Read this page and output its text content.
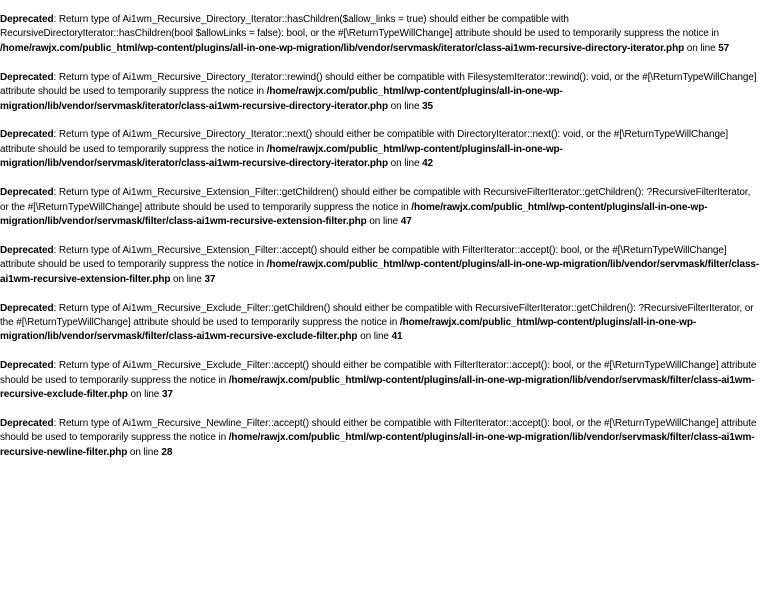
Deprecated: Return type of Ai1wm_Recursive_Directory_Iterator::hasChildren($allow_links = true) should either be compatible with RecursiveDirectoryIterator::hasChildren(bool $allowLinks = false): bool, or the #[\ReturnTypeWillChange] attribute should be used to temporarily suppress the notice in /home/rawjx.com/public_html/wp-content/plugins/all-in-one-wp-migration/lib/vendor/servmask/iterator/class-ai1wm-recursive-directory-iterator.php on line 57

Deprecated: Return type of Ai1wm_Recursive_Directory_Iterator::rewind() should either be compatible with FilesystemIterator::rewind(): void, or the #[\ReturnTypeWillChange] attribute should be used to temporarily suppress the notice in /home/rawjx.com/public_html/wp-content/plugins/all-in-one-wp-migration/lib/vendor/servmask/iterator/class-ai1wm-recursive-directory-iterator.php on line 35

Deprecated: Return type of Ai1wm_Recursive_Directory_Iterator::next() should either be compatible with DirectoryIterator::next(): void, or the #[\ReturnTypeWillChange] attribute should be used to temporarily suppress the notice in /home/rawjx.com/public_html/wp-content/plugins/all-in-one-wp-migration/lib/vendor/servmask/iterator/class-ai1wm-recursive-directory-iterator.php on line 42

Deprecated: Return type of Ai1wm_Recursive_Extension_Filter::getChildren() should either be compatible with RecursiveFilterIterator::getChildren(): ?RecursiveFilterIterator, or the #[\ReturnTypeWillChange] attribute should be used to temporarily suppress the notice in /home/rawjx.com/public_html/wp-content/plugins/all-in-one-wp-migration/lib/vendor/servmask/filter/class-ai1wm-recursive-extension-filter.php on line 47

Deprecated: Return type of Ai1wm_Recursive_Extension_Filter::accept() should either be compatible with FilterIterator::accept(): bool, or the #[\ReturnTypeWillChange] attribute should be used to temporarily suppress the notice in /home/rawjx.com/public_html/wp-content/plugins/all-in-one-wp-migration/lib/vendor/servmask/filter/class-ai1wm-recursive-extension-filter.php on line 37

Deprecated: Return type of Ai1wm_Recursive_Exclude_Filter::getChildren() should either be compatible with RecursiveFilterIterator::getChildren(): ?RecursiveFilterIterator, or the #[\ReturnTypeWillChange] attribute should be used to temporarily suppress the notice in /home/rawjx.com/public_html/wp-content/plugins/all-in-one-wp-migration/lib/vendor/servmask/filter/class-ai1wm-recursive-exclude-filter.php on line 41

Deprecated: Return type of Ai1wm_Recursive_Exclude_Filter::accept() should either be compatible with FilterIterator::accept(): bool, or the #[\ReturnTypeWillChange] attribute should be used to temporarily suppress the notice in /home/rawjx.com/public_html/wp-content/plugins/all-in-one-wp-migration/lib/vendor/servmask/filter/class-ai1wm-recursive-exclude-filter.php on line 37

Deprecated: Return type of Ai1wm_Recursive_Newline_Filter::accept() should either be compatible with FilterIterator::accept(): bool, or the #[\ReturnTypeWillChange] attribute should be used to temporarily suppress the notice in /home/rawjx.com/public_html/wp-content/plugins/all-in-one-wp-migration/lib/vendor/servmask/filter/class-ai1wm-recursive-newline-filter.php on line 28
